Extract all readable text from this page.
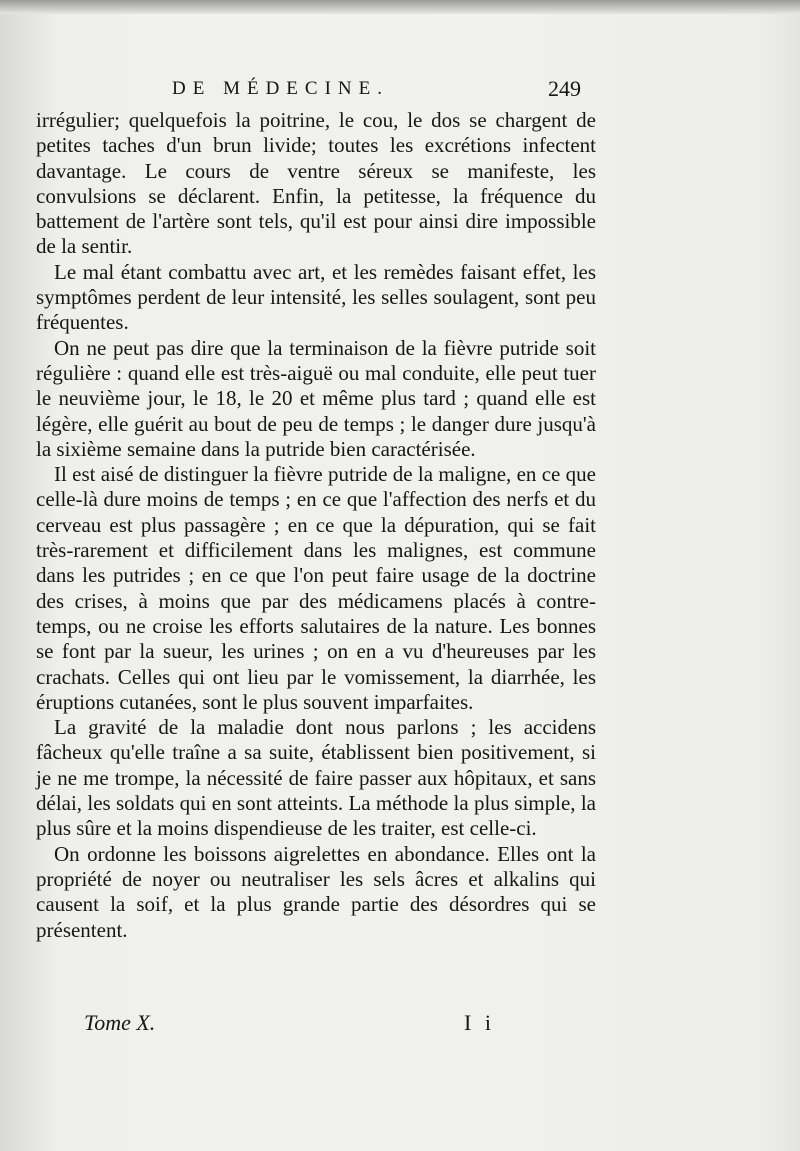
DE MÉDECINE.	249

irrégulier; quelquefois la poitrine, le cou, le dos se chargent de petites taches d'un brun livide; toutes les excrétions infectent davantage. Le cours de ventre séreux se manifeste, les convulsions se déclarent. Enfin, la petitesse, la fréquence du battement de l'artère sont tels, qu'il est pour ainsi dire impossible de la sentir.

Le mal étant combattu avec art, et les remèdes faisant effet, les symptômes perdent de leur intensité, les selles soulagent, sont peu fréquentes.

On ne peut pas dire que la terminaison de la fièvre putride soit régulière : quand elle est très-aiguë ou mal conduite, elle peut tuer le neuvième jour, le 18, le 20 et même plus tard ; quand elle est légère, elle guérit au bout de peu de temps ; le danger dure jusqu'à la sixième semaine dans la putride bien caractérisée.

Il est aisé de distinguer la fièvre putride de la maligne, en ce que celle-là dure moins de temps ; en ce que l'affection des nerfs et du cerveau est plus passagère ; en ce que la dépuration, qui se fait très-rarement et difficilement dans les malignes, est commune dans les putrides ; en ce que l'on peut faire usage de la doctrine des crises, à moins que par des médicamens placés à contre-temps, ou ne croise les efforts salutaires de la nature. Les bonnes se font par la sueur, les urines ; on en a vu d'heureuses par les crachats. Celles qui ont lieu par le vomissement, la diarrhée, les éruptions cutanées, sont le plus souvent imparfaites.

La gravité de la maladie dont nous parlons ; les accidens fâcheux qu'elle traîne a sa suite, établissent bien positivement, si je ne me trompe, la nécessité de faire passer aux hôpitaux, et sans délai, les soldats qui en sont atteints. La méthode la plus simple, la plus sûre et la moins dispendieuse de les traiter, est celle-ci.

On ordonne les boissons aigrelettes en abondance. Elles ont la propriété de noyer ou neutraliser les sels âcres et alkalins qui causent la soif, et la plus grande partie des désordres qui se présentent.

Tome X.	I i
